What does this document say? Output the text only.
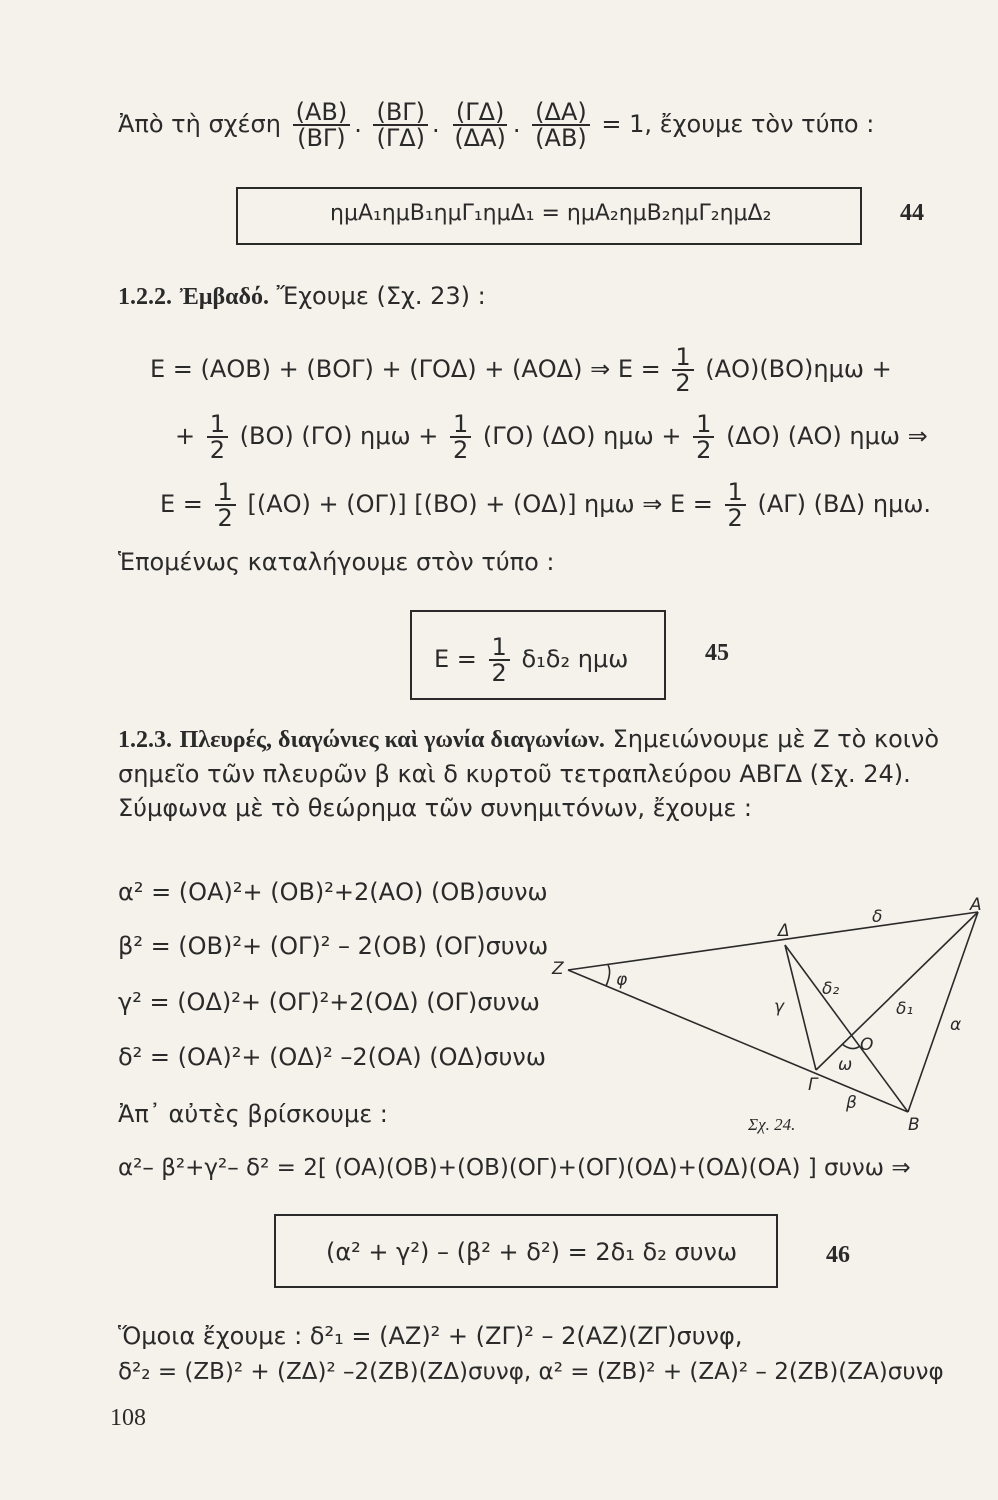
Ἀπὸ τὴ σχέση $\frac{(AB)}{(B\Gamma)}$ . $\frac{(B\Gamma)}{(\Gamma\Delta)}$ . $\frac{(\Gamma\Delta)}{(\Delta A)}$ . $\frac{(\Delta A)}{(AB)} = 1$, ἔχουμε τὸν τύπο :
ημΑ₁ημΒ₁ημΓ₁ημΔ₁ = ημΑ₂ημΒ₂ημΓ₂ημΔ₂	44
1.2.2. Ἐμβαδό. Ἔχουμε (Σχ. 23) :
Ε = (ΑΟΒ) + (ΒΟΓ) + (ΓΟΔ) + (ΑΟΔ) ⇒ $E = \frac{1}{2} (AO)(BO)\eta\mu\omega$ +
+ $\frac{1}{2} (BO)$ (ΓΟ) $\eta\mu\omega + \frac{1}{2} (\Gamma O)$ (ΔΟ) $\eta\mu\omega + \frac{1}{2} (\Delta O)$ (ΑΟ) ημω ⇒
$E = \frac{1}{2} [(AO) + (O\Gamma)] [(BO) + (O\Delta)]$ ημω ⇒ $E = \frac{1}{2} (A\Gamma)$ (ΒΔ) ημω.
Ἑπομένως καταλήγουμε στὸν τύπο :
$E = \frac{1}{2} \delta_1\delta_2$ ημω	45
1.2.3. Πλευρές, διαγώνιες καὶ γωνία διαγωνίων. Σημειώνουμε μὲ Ζ τὸ κοινὸ
σημεῖο τῶν πλευρῶν β καὶ δ κυρτοῦ τετραπλεύρου ΑΒΓΔ (Σχ. 24).
Σύμφωνα μὲ τὸ θεώρημα τῶν συνημιτόνων, ἔχουμε :
α² = (ΟΑ)²+ (ΟΒ)²+2(ΑΟ) (ΟΒ)συνω
β² = (ΟΒ)²+ (ΟΓ)² – 2(ΟΒ) (ΟΓ)συνω
γ² = (ΟΔ)²+ (ΟΓ)²+2(ΟΔ) (ΟΓ)συνω
δ² = (ΟΑ)²+ (ΟΔ)² –2(ΟΑ) (ΟΔ)συνω
Ἀπ᾽ αὐτὲς βρίσκουμε :
A
B
Γ
Δ
Z
O
φ
ω
α
β
γ
δ
δ₁
δ₂
Σχ. 24.
α²– β²+γ²– δ² = 2[ (ΟΑ)(ΟΒ)+(ΟΒ)(ΟΓ)+(ΟΓ)(ΟΔ)+(ΟΔ)(ΟΑ) ] συνω ⇒
(α² + γ²) – (β² + δ²) = 2δ₁ δ₂ συνω	46
Ὅμοια ἔχουμε : δ²₁ = (ΑΖ)² + (ΖΓ)² – 2(ΑΖ)(ΖΓ)συνφ,
δ²₂ = (ΖΒ)² + (ΖΔ)² –2(ΖΒ)(ΖΔ)συνφ, α² = (ΖΒ)² + (ΖΑ)² – 2(ΖΒ)(ΖΑ)συνφ
108
